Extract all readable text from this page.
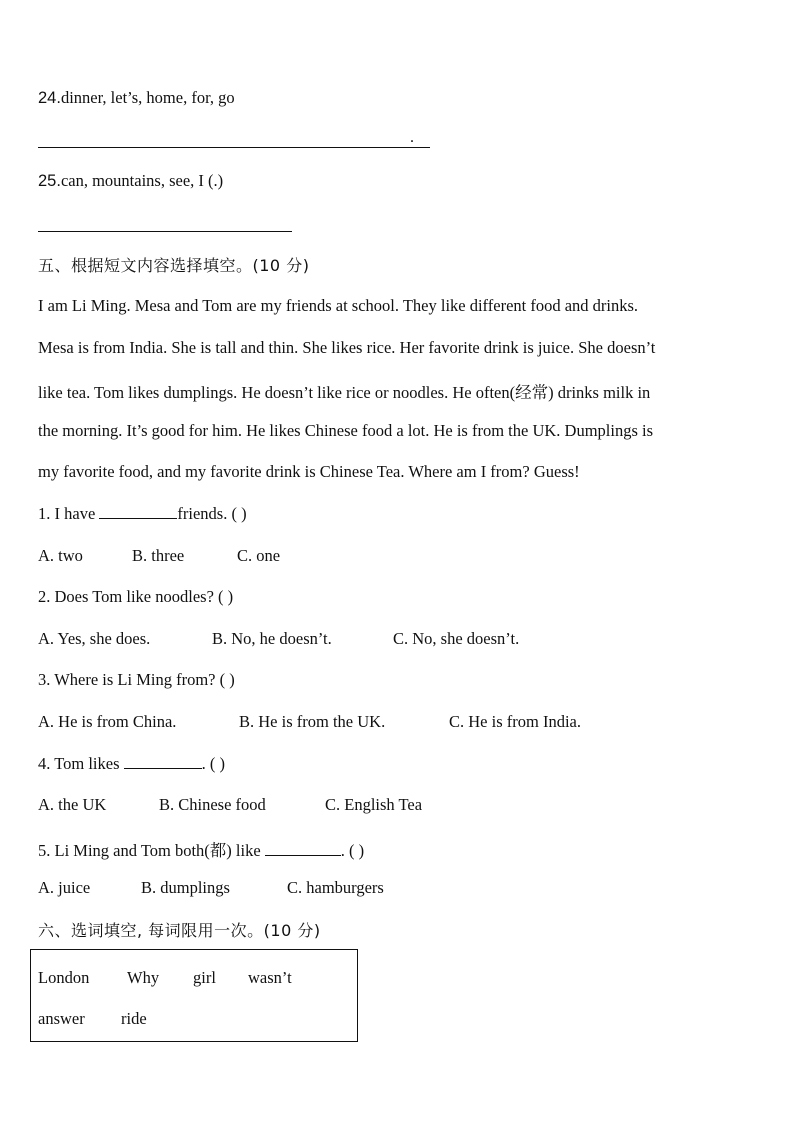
24.dinner, let’s, home, for, go
.
25.can, mountains, see, I (.)
五、根据短文内容选择填空。(10 分)
I am Li Ming. Mesa and Tom are my friends at school. They like different food and drinks.
Mesa is from India. She is tall and thin. She likes rice. Her favorite drink is juice. She doesn’t
like tea. Tom likes dumplings. He doesn’t like rice or noodles. He often(经常) drinks milk in
the morning. It’s good for him. He likes Chinese food a lot. He is from the UK. Dumplings is
my favorite food, and my favorite drink is Chinese Tea. Where am I from? Guess!
1. I have	friends. ( )
A. two	B. three	C. one
2. Does Tom like noodles? ( )
A. Yes, she does.	B. No, he doesn’t.	C. No, she doesn’t.
3. Where is Li Ming from? ( )
A. He is from China.	B. He is from the UK.	C. He is from India.
4. Tom likes	. ( )
A. the UK	B. Chinese food	C. English Tea
5. Li Ming and Tom both(都) like	. ( )
A. juice	B. dumplings	C. hamburgers
六、选词填空, 每词限用一次。(10 分)
London Why girl wasn’t
answer ride
